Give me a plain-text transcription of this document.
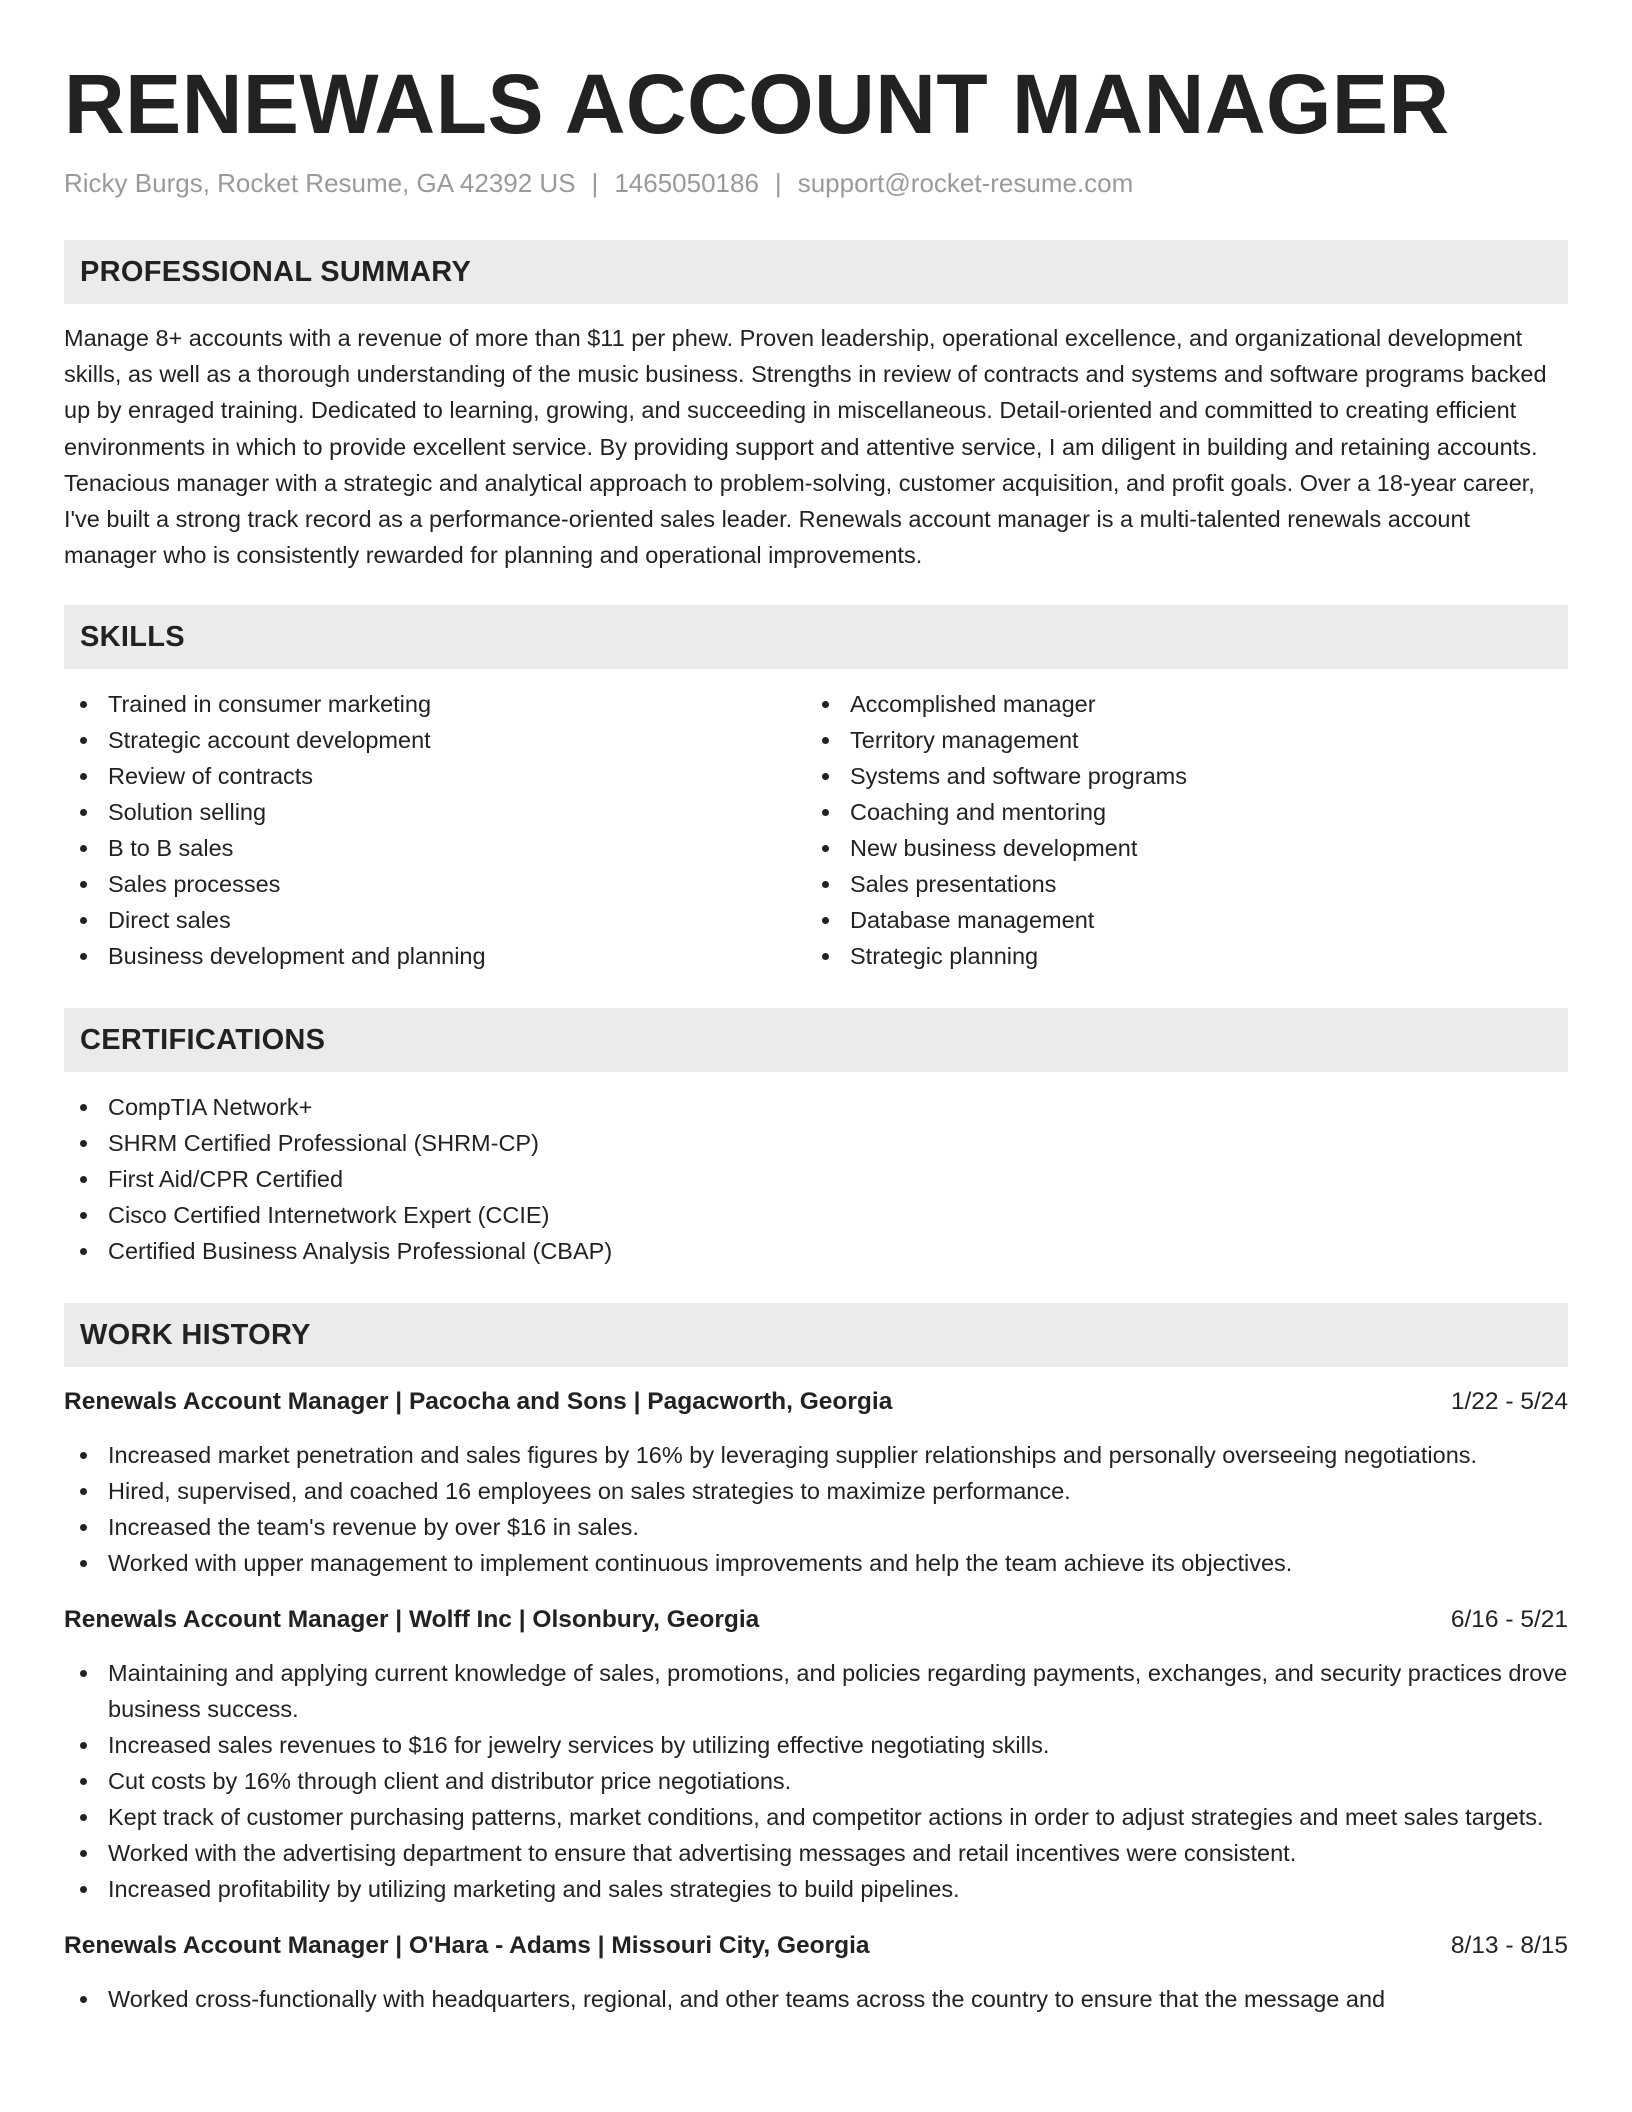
RENEWALS ACCOUNT MANAGER
Ricky Burgs, Rocket Resume, GA 42392 US | 1465050186 | support@rocket-resume.com
PROFESSIONAL SUMMARY

Manage 8+ accounts with a revenue of more than $11 per phew. Proven leadership, operational excellence, and organizational development skills, as well as a thorough understanding of the music business. Strengths in review of contracts and systems and software programs backed up by enraged training. Dedicated to learning, growing, and succeeding in miscellaneous. Detail-oriented and committed to creating efficient environments in which to provide excellent service. By providing support and attentive service, I am diligent in building and retaining accounts. Tenacious manager with a strategic and analytical approach to problem-solving, customer acquisition, and profit goals. Over a 18-year career, I've built a strong track record as a performance-oriented sales leader. Renewals account manager is a multi-talented renewals account manager who is consistently rewarded for planning and operational improvements.

SKILLS
Trained in consumer marketing
Strategic account development
Review of contracts
Solution selling
B to B sales
Sales processes
Direct sales
Business development and planning
Accomplished manager
Territory management
Systems and software programs
Coaching and mentoring
New business development
Sales presentations
Database management
Strategic planning
CERTIFICATIONS
CompTIA Network+
SHRM Certified Professional (SHRM-CP)
First Aid/CPR Certified
Cisco Certified Internetwork Expert (CCIE)
Certified Business Analysis Professional (CBAP)
WORK HISTORY
Renewals Account Manager | Pacocha and Sons | Pagacworth, Georgia	1/22 - 5/24
Increased market penetration and sales figures by 16% by leveraging supplier relationships and personally overseeing negotiations.
Hired, supervised, and coached 16 employees on sales strategies to maximize performance.
Increased the team's revenue by over $16 in sales.
Worked with upper management to implement continuous improvements and help the team achieve its objectives.
Renewals Account Manager | Wolff Inc | Olsonbury, Georgia	6/16 - 5/21
Maintaining and applying current knowledge of sales, promotions, and policies regarding payments, exchanges, and security practices drove business success.
Increased sales revenues to $16 for jewelry services by utilizing effective negotiating skills.
Cut costs by 16% through client and distributor price negotiations.
Kept track of customer purchasing patterns, market conditions, and competitor actions in order to adjust strategies and meet sales targets.
Worked with the advertising department to ensure that advertising messages and retail incentives were consistent.
Increased profitability by utilizing marketing and sales strategies to build pipelines.
Renewals Account Manager | O'Hara - Adams | Missouri City, Georgia	8/13 - 8/15
Worked cross-functionally with headquarters, regional, and other teams across the country to ensure that the message and
